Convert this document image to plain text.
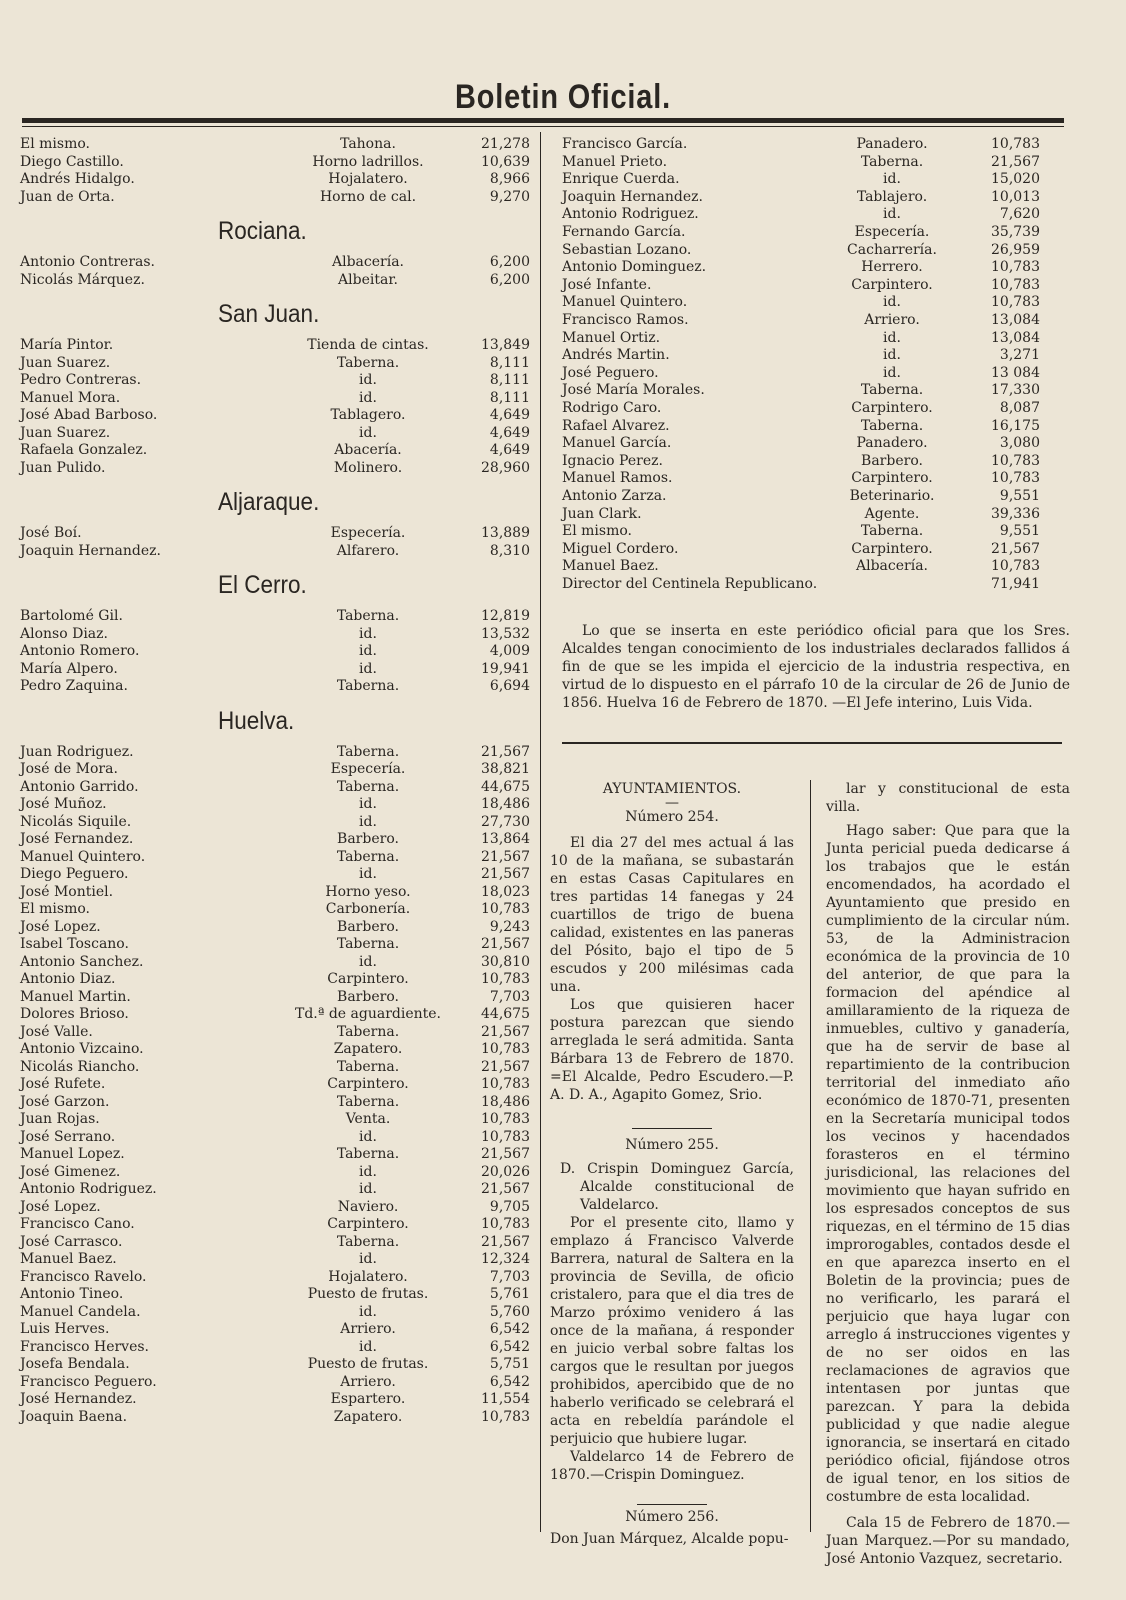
Boletin Oficial.
El mismo.	Tahona.	21,278
Diego Castillo.	Horno ladrillos.	10,639
Andrés Hidalgo.	Hojalatero.	8,966
Juan de Orta.	Horno de cal.	9,270
Rociana.
Antonio Contreras.	Albacería.	6,200
Nicolás Márquez.	Albeitar.	6,200
San Juan.
María Pintor.	Tienda de cintas.	13,849
Juan Suarez.	Taberna.	8,111
Pedro Contreras.	id.	8,111
Manuel Mora.	id.	8,111
José Abad Barboso.	Tablagero.	4,649
Juan Suarez.	id.	4,649
Rafaela Gonzalez.	Abacería.	4,649
Juan Pulido.	Molinero.	28,960
Aljaraque.
José Boí.	Especería.	13,889
Joaquin Hernandez.	Alfarero.	8,310
El Cerro.
Bartolomé Gil.	Taberna.	12,819
Alonso Diaz.	id.	13,532
Antonio Romero.	id.	4,009
María Alpero.	id.	19,941
Pedro Zaquina.	Taberna.	6,694
Huelva.
Juan Rodriguez.	Taberna.	21,567
José de Mora.	Especería.	38,821
Antonio Garrido.	Taberna.	44,675
José Muñoz.	id.	18,486
Nicolás Siquile.	id.	27,730
José Fernandez.	Barbero.	13,864
Manuel Quintero.	Taberna.	21,567
Diego Peguero.	id.	21,567
José Montiel.	Horno yeso.	18,023
El mismo.	Carbonería.	10,783
José Lopez.	Barbero.	9,243
Isabel Toscano.	Taberna.	21,567
Antonio Sanchez.	id.	30,810
Antonio Diaz.	Carpintero.	10,783
Manuel Martin.	Barbero.	7,703
Dolores Brioso.	Td.ª de aguardiente.	44,675
José Valle.	Taberna.	21,567
Antonio Vizcaino.	Zapatero.	10,783
Nicolás Riancho.	Taberna.	21,567
José Rufete.	Carpintero.	10,783
José Garzon.	Taberna.	18,486
Juan Rojas.	Venta.	10,783
José Serrano.	id.	10,783
Manuel Lopez.	Taberna.	21,567
José Gimenez.	id.	20,026
Antonio Rodriguez.	id.	21,567
José Lopez.	Naviero.	9,705
Francisco Cano.	Carpintero.	10,783
José Carrasco.	Taberna.	21,567
Manuel Baez.	id.	12,324
Francisco Ravelo.	Hojalatero.	7,703
Antonio Tineo.	Puesto de frutas.	5,761
Manuel Candela.	id.	5,760
Luis Herves.	Arriero.	6,542
Francisco Herves.	id.	6,542
Josefa Bendala.	Puesto de frutas.	5,751
Francisco Peguero.	Arriero.	6,542
José Hernandez.	Espartero.	11,554
Joaquin Baena.	Zapatero.	10,783
Francisco García.	Panadero.	10,783
Manuel Prieto.	Taberna.	21,567
Enrique Cuerda.	id.	15,020
Joaquin Hernandez.	Tablajero.	10,013
Antonio Rodriguez.	id.	7,620
Fernando García.	Especería.	35,739
Sebastian Lozano.	Cacharrería.	26,959
Antonio Dominguez.	Herrero.	10,783
José Infante.	Carpintero.	10,783
Manuel Quintero.	id.	10,783
Francisco Ramos.	Arriero.	13,084
Manuel Ortiz.	id.	13,084
Andrés Martin.	id.	3,271
José Peguero.	id.	13 084
José María Morales.	Taberna.	17,330
Rodrigo Caro.	Carpintero.	8,087
Rafael Alvarez.	Taberna.	16,175
Manuel García.	Panadero.	3,080
Ignacio Perez.	Barbero.	10,783
Manuel Ramos.	Carpintero.	10,783
Antonio Zarza.	Beterinario.	9,551
Juan Clark.	Agente.	39,336
El mismo.	Taberna.	9,551
Miguel Cordero.	Carpintero.	21,567
Manuel Baez.	Albacería.	10,783
Director del Centinela Republicano.	71,941

Lo que se inserta en este periódico oficial para que los Sres. Alcaldes tengan conocimiento de los industriales declarados fallidos á fin de que se les impida el ejercicio de la industria respectiva, en virtud de lo dispuesto en el párrafo 10 de la circular de 26 de Junio de 1856. Huelva 16 de Febrero de 1870. —El Jefe interino, Luis Vida.

AYUNTAMIENTOS.
—
Número 254.

El dia 27 del mes actual á las 10 de la mañana, se subastarán en estas Casas Capitulares en tres partidas 14 fanegas y 24 cuartillos de trigo de buena calidad, existentes en las paneras del Pósito, bajo el tipo de 5 escudos y 200 milésimas cada una.

Los que quisieren hacer postura parezcan que siendo arreglada le será admitida. Santa Bárbara 13 de Febrero de 1870. =El Alcalde, Pedro Escudero.—P. A. D. A., Agapito Gomez, Srio.

Número 255.
D. Crispin Dominguez García, Alcalde constitucional de Valdelarco.

Por el presente cito, llamo y emplazo á Francisco Valverde Barrera, natural de Saltera en la provincia de Sevilla, de oficio cristalero, para que el dia tres de Marzo próximo venidero á las once de la mañana, á responder en juicio verbal sobre faltas los cargos que le resultan por juegos prohibidos, apercibido que de no haberlo verificado se celebrará el acta en rebeldía parándole el perjuicio que hubiere lugar.

Valdelarco 14 de Febrero de 1870.—Crispin Dominguez.

Número 256.
Don Juan Márquez, Alcalde popu-

lar y constitucional de esta villa.

Hago saber: Que para que la Junta pericial pueda dedicarse á los trabajos que le están encomendados, ha acordado el Ayuntamiento que presido en cumplimiento de la circular núm. 53, de la Administracion económica de la provincia de 10 del anterior, de que para la formacion del apéndice al amillaramiento de la riqueza de inmuebles, cultivo y ganadería, que ha de servir de base al repartimiento de la contribucion territorial del inmediato año económico de 1870-71, presenten en la Secretaría municipal todos los vecinos y hacendados forasteros en el término jurisdicional, las relaciones del movimiento que hayan sufrido en los espresados conceptos de sus riquezas, en el término de 15 dias improrogables, contados desde el en que aparezca inserto en el Boletin de la provincia; pues de no verificarlo, les parará el perjuicio que haya lugar con arreglo á instrucciones vigentes y de no ser oidos en las reclamaciones de agravios que intentasen por juntas que parezcan. Y para la debida publicidad y que nadie alegue ignorancia, se insertará en citado periódico oficial, fijándose otros de igual tenor, en los sitios de costumbre de esta localidad.

Cala 15 de Febrero de 1870.— Juan Marquez.—Por su mandado, José Antonio Vazquez, secretario.
